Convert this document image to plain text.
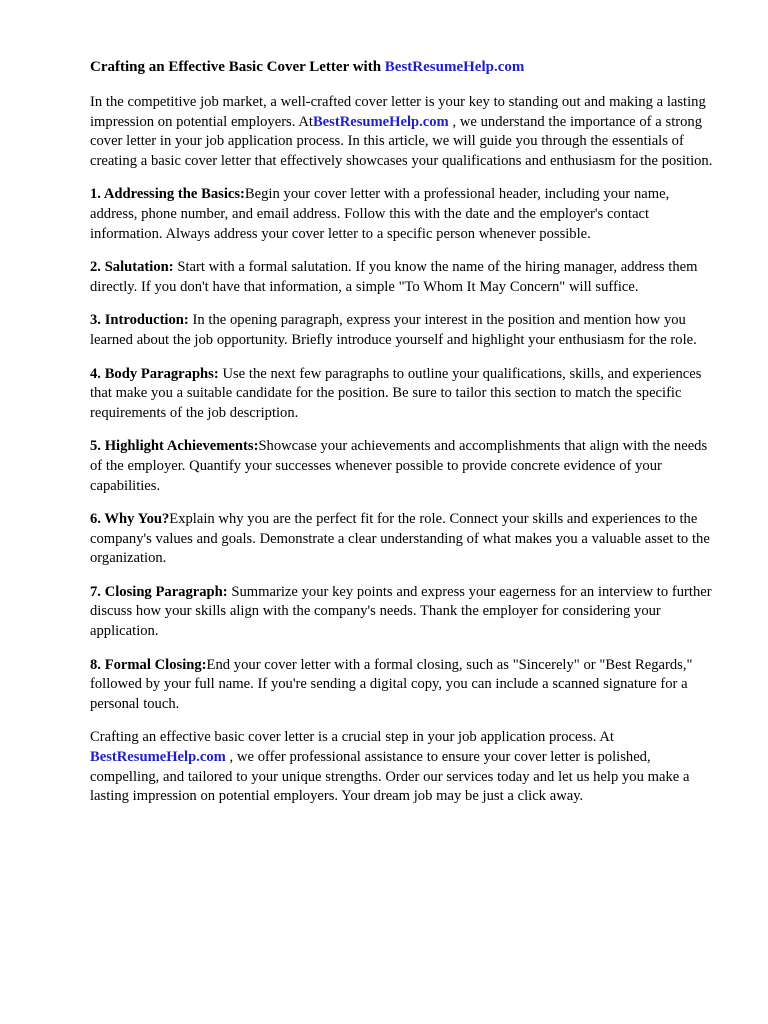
Crafting an Effective Basic Cover Letter with BestResumeHelp.com

In the competitive job market, a well-crafted cover letter is your key to standing out and making a lasting impression on potential employers. AtBestResumeHelp.com , we understand the importance of a strong cover letter in your job application process. In this article, we will guide you through the essentials of creating a basic cover letter that effectively showcases your qualifications and enthusiasm for the position.

1. Addressing the Basics:Begin your cover letter with a professional header, including your name, address, phone number, and email address. Follow this with the date and the employer's contact information. Always address your cover letter to a specific person whenever possible.

2. Salutation: Start with a formal salutation. If you know the name of the hiring manager, address them directly. If you don't have that information, a simple "To Whom It May Concern" will suffice.

3. Introduction: In the opening paragraph, express your interest in the position and mention how you learned about the job opportunity. Briefly introduce yourself and highlight your enthusiasm for the role.

4. Body Paragraphs: Use the next few paragraphs to outline your qualifications, skills, and experiences that make you a suitable candidate for the position. Be sure to tailor this section to match the specific requirements of the job description.

5. Highlight Achievements:Showcase your achievements and accomplishments that align with the needs of the employer. Quantify your successes whenever possible to provide concrete evidence of your capabilities.

6. Why You?Explain why you are the perfect fit for the role. Connect your skills and experiences to the company's values and goals. Demonstrate a clear understanding of what makes you a valuable asset to the organization.

7. Closing Paragraph: Summarize your key points and express your eagerness for an interview to further discuss how your skills align with the company's needs. Thank the employer for considering your application.

8. Formal Closing:End your cover letter with a formal closing, such as "Sincerely" or "Best Regards," followed by your full name. If you're sending a digital copy, you can include a scanned signature for a personal touch.

Crafting an effective basic cover letter is a crucial step in your job application process. At BestResumeHelp.com , we offer professional assistance to ensure your cover letter is polished, compelling, and tailored to your unique strengths. Order our services today and let us help you make a lasting impression on potential employers. Your dream job may be just a click away.
